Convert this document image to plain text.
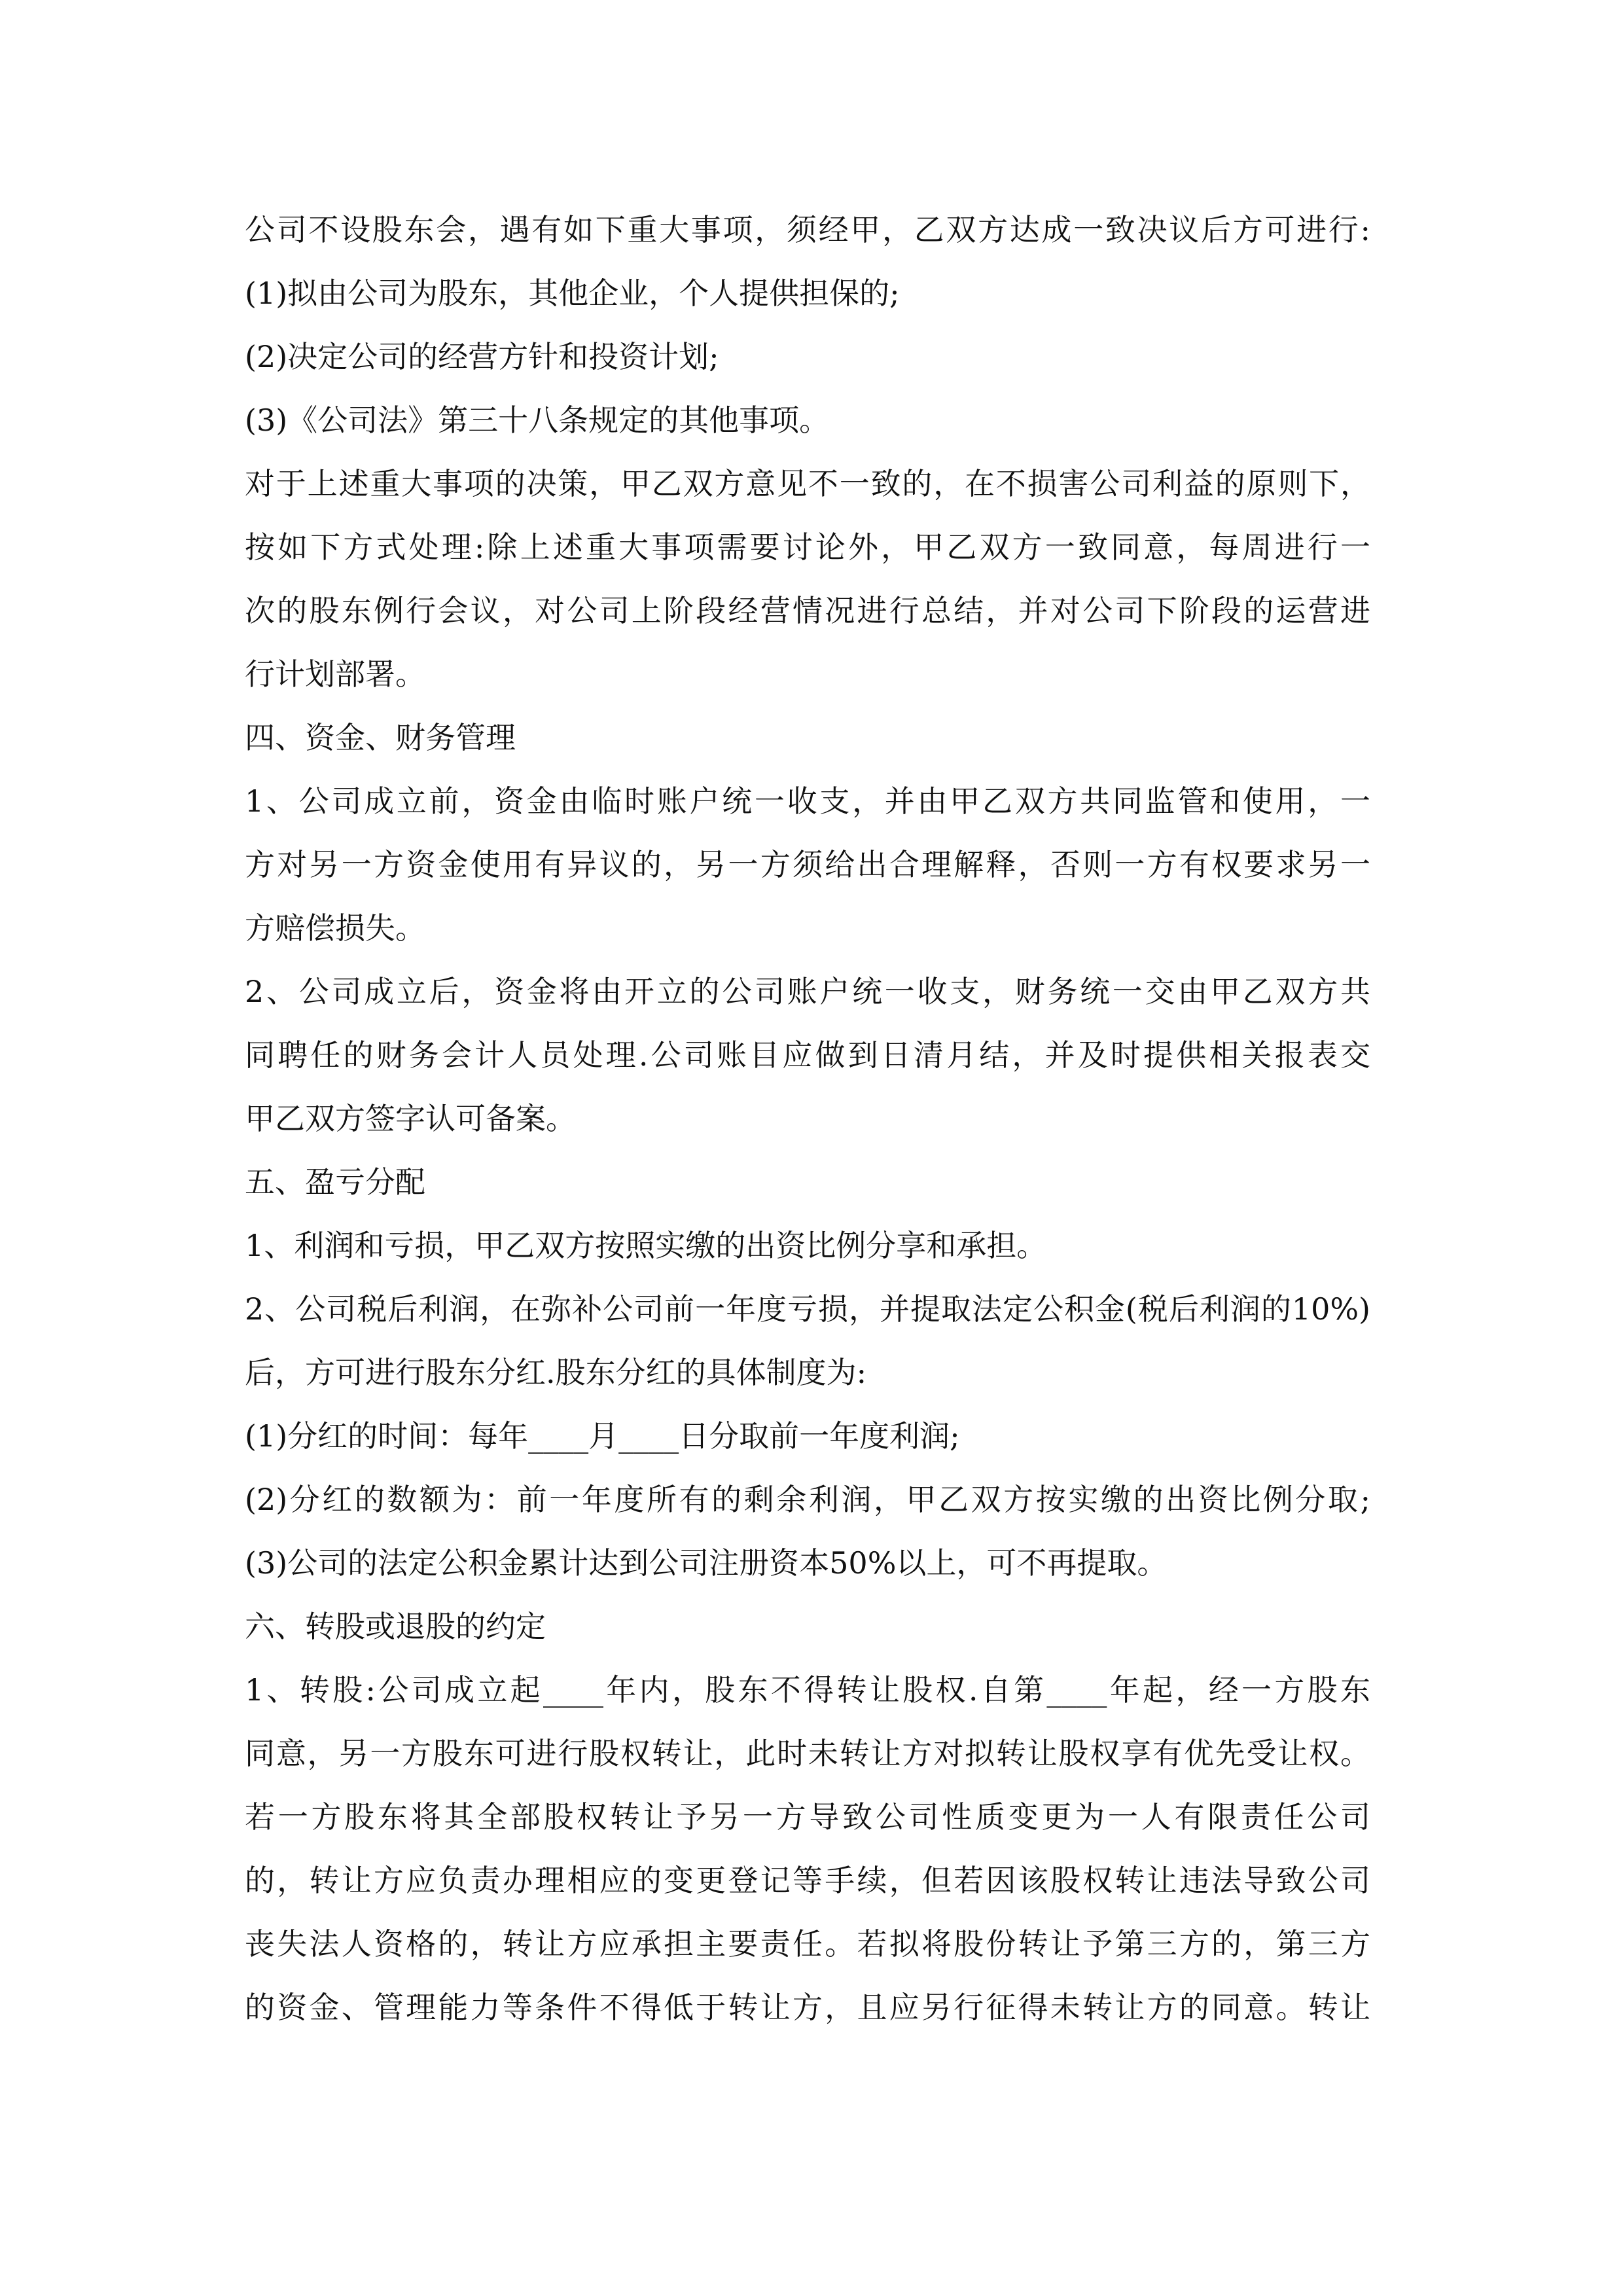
公司不设股东会，遇有如下重大事项，须经甲，乙双方达成一致决议后方可进行:
(1)拟由公司为股东，其他企业，个人提供担保的;
(2)决定公司的经营方针和投资计划;
(3)《公司法》第三十八条规定的其他事项。
对于上述重大事项的决策，甲乙双方意见不一致的，在不损害公司利益的原则下，
按如下方式处理:除上述重大事项需要讨论外，甲乙双方一致同意，每周进行一
次的股东例行会议，对公司上阶段经营情况进行总结，并对公司下阶段的运营进
行计划部署。
四、资金、财务管理
1、公司成立前，资金由临时账户统一收支，并由甲乙双方共同监管和使用，一
方对另一方资金使用有异议的，另一方须给出合理解释，否则一方有权要求另一
方赔偿损失。
2、公司成立后，资金将由开立的公司账户统一收支，财务统一交由甲乙双方共
同聘任的财务会计人员处理.公司账目应做到日清月结，并及时提供相关报表交
甲乙双方签字认可备案。
五、盈亏分配
1、利润和亏损，甲乙双方按照实缴的出资比例分享和承担。
2、公司税后利润，在弥补公司前一年度亏损，并提取法定公积金(税后利润的10%)
后，方可进行股东分红.股东分红的具体制度为:
(1)分红的时间：每年____月____日分取前一年度利润;
(2)分红的数额为：前一年度所有的剩余利润，甲乙双方按实缴的出资比例分取;
(3)公司的法定公积金累计达到公司注册资本50%以上，可不再提取。
六、转股或退股的约定
1、转股:公司成立起____年内，股东不得转让股权.自第____年起，经一方股东
同意，另一方股东可进行股权转让，此时未转让方对拟转让股权享有优先受让权。
若一方股东将其全部股权转让予另一方导致公司性质变更为一人有限责任公司
的，转让方应负责办理相应的变更登记等手续，但若因该股权转让违法导致公司
丧失法人资格的，转让方应承担主要责任。若拟将股份转让予第三方的，第三方
的资金、管理能力等条件不得低于转让方，且应另行征得未转让方的同意。转让
